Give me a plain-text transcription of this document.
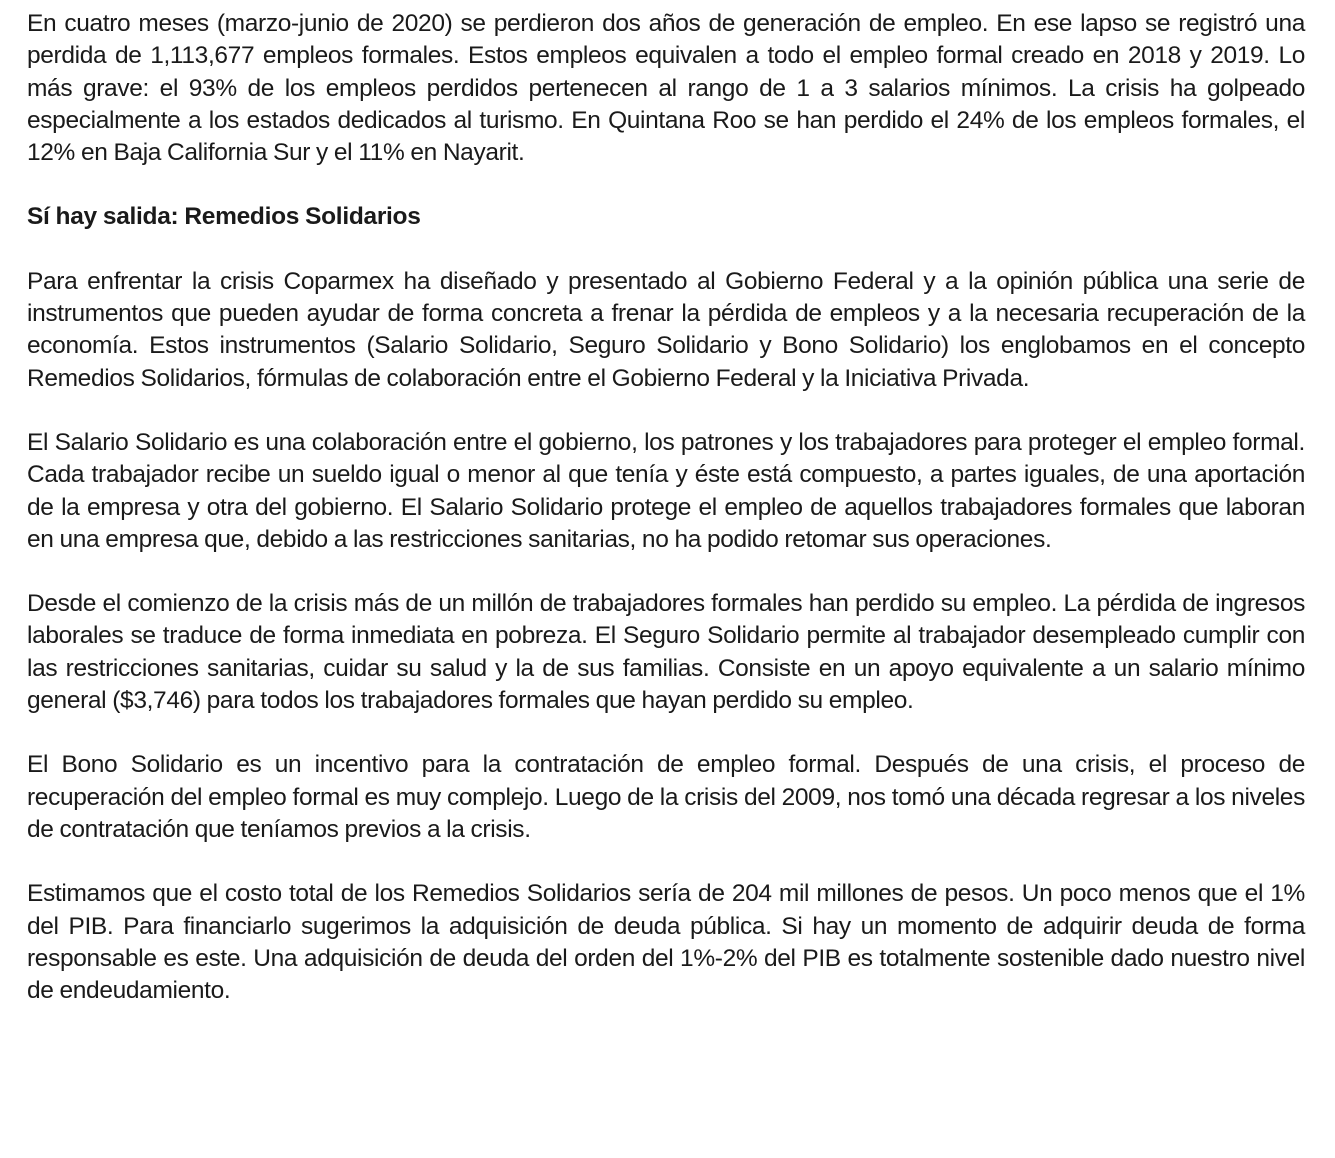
En cuatro meses (marzo-junio de 2020) se perdieron dos años de generación de empleo. En ese lapso se registró una perdida de 1,113,677 empleos formales. Estos empleos equivalen a todo el empleo formal creado en 2018 y 2019. Lo más grave: el 93% de los empleos perdidos pertenecen al rango de 1 a 3 salarios mínimos. La crisis ha golpeado especialmente a los estados dedicados al turismo. En Quintana Roo se han perdido el 24% de los empleos formales, el 12% en Baja California Sur y el 11% en Nayarit.

Sí hay salida: Remedios Solidarios

Para enfrentar la crisis Coparmex ha diseñado y presentado al Gobierno Federal y a la opinión pública una serie de instrumentos que pueden ayudar de forma concreta a frenar la pérdida de empleos y a la necesaria recuperación de la economía. Estos instrumentos (Salario Solidario, Seguro Solidario y Bono Solidario) los englobamos en el concepto Remedios Solidarios, fórmulas de colaboración entre el Gobierno Federal y la Iniciativa Privada.

El Salario Solidario es una colaboración entre el gobierno, los patrones y los trabajadores para proteger el empleo formal. Cada trabajador recibe un sueldo igual o menor al que tenía y éste está compuesto, a partes iguales, de una aportación de la empresa y otra del gobierno. El Salario Solidario protege el empleo de aquellos trabajadores formales que laboran en una empresa que, debido a las restricciones sanitarias, no ha podido retomar sus operaciones.

Desde el comienzo de la crisis más de un millón de trabajadores formales han perdido su empleo. La pérdida de ingresos laborales se traduce de forma inmediata en pobreza. El Seguro Solidario permite al trabajador desempleado cumplir con las restricciones sanitarias, cuidar su salud y la de sus familias. Consiste en un apoyo equivalente a un salario mínimo general ($3,746) para todos los trabajadores formales que hayan perdido su empleo.

El Bono Solidario es un incentivo para la contratación de empleo formal. Después de una crisis, el proceso de recuperación del empleo formal es muy complejo. Luego de la crisis del 2009, nos tomó una década regresar a los niveles de contratación que teníamos previos a la crisis.

Estimamos que el costo total de los Remedios Solidarios sería de 204 mil millones de pesos. Un poco menos que el 1% del PIB. Para financiarlo sugerimos la adquisición de deuda pública. Si hay un momento de adquirir deuda de forma responsable es este. Una adquisición de deuda del orden del 1%-2% del PIB es totalmente sostenible dado nuestro nivel de endeudamiento.
